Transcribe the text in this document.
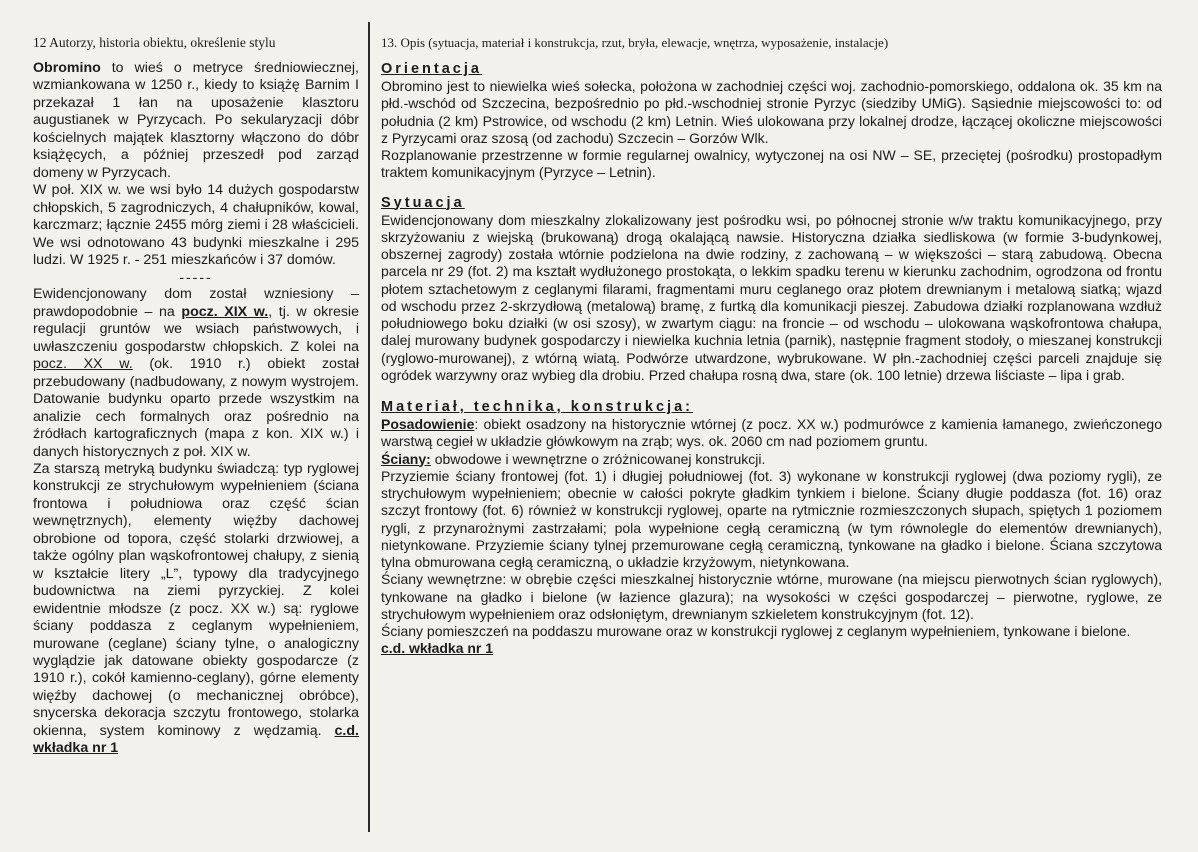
12 Autorzy, historia obiektu, określenie stylu

Obromino to wieś o metryce średniowiecznej, wzmiankowana w 1250 r., kiedy to książę Barnim I przekazał 1 łan na uposażenie klasztoru augustianek w Pyrzycach. Po sekularyzacji dóbr kościelnych majątek klasztorny włączono do dóbr książęcych, a później przeszedł pod zarząd domeny w Pyrzycach.

W poł. XIX w. we wsi było 14 dużych gospodarstw chłopskich, 5 zagrodniczych, 4 chałupników, kowal, karczmarz; łącznie 2455 mórg ziemi i 28 właścicieli. We wsi odnotowano 43 budynki mieszkalne i 295 ludzi. W 1925 r. - 251 mieszkańców i 37 domów.

-----

Ewidencjonowany dom został wzniesiony – prawdopodobnie – na pocz. XIX w., tj. w okresie regulacji gruntów we wsiach państwowych, i uwłaszczeniu gospodarstw chłopskich. Z kolei na pocz. XX w. (ok. 1910 r.) obiekt został przebudowany (nadbudowany, z nowym wystrojem. Datowanie budynku oparto przede wszystkim na analizie cech formalnych oraz pośrednio na źródłach kartograficznych (mapa z kon. XIX w.) i danych historycznych z poł. XIX w.

Za starszą metryką budynku świadczą: typ ryglowej konstrukcji ze strychułowym wypełnieniem (ściana frontowa i południowa oraz część ścian wewnętrznych), elementy więźby dachowej obrobione od topora, część stolarki drzwiowej, a także ogólny plan wąskofrontowej chałupy, z sienią w kształcie litery „L”, typowy dla tradycyjnego budownictwa na ziemi pyrzyckiej. Z kolei ewidentnie młodsze (z pocz. XX w.) są: ryglowe ściany poddasza z ceglanym wypełnieniem, murowane (ceglane) ściany tylne, o analogiczny wyglądzie jak datowane obiekty gospodarcze (z 1910 r.), cokół kamienno-ceglany), górne elementy więźby dachowej (o mechanicznej obróbce), snycerska dekoracja szczytu frontowego, stolarka okienna, system kominowy z wędzamią. c.d. wkładka nr 1

13. Opis (sytuacja, materiał i konstrukcja, rzut, bryła, elewacje, wnętrza, wyposażenie, instalacje)

Orientacja

Obromino jest to niewielka wieś sołecka, położona w zachodniej części woj. zachodnio-pomorskiego, oddalona ok. 35 km na płd.-wschód od Szczecina, bezpośrednio po płd.-wschodniej stronie Pyrzyc (siedziby UMiG). Sąsiednie miejscowości to: od południa (2 km) Pstrowice, od wschodu (2 km) Letnin. Wieś ulokowana przy lokalnej drodze, łączącej okoliczne miejscowości z Pyrzycami oraz szosą (od zachodu) Szczecin – Gorzów Wlk.

Rozplanowanie przestrzenne w formie regularnej owalnicy, wytyczonej na osi NW – SE, przeciętej (pośrodku) prostopadłym traktem komunikacyjnym (Pyrzyce – Letnin).

Sytuacja

Ewidencjonowany dom mieszkalny zlokalizowany jest pośrodku wsi, po północnej stronie w/w traktu komunikacyjnego, przy skrzyżowaniu z wiejską (brukowaną) drogą okalającą nawsie. Historyczna działka siedliskowa (w formie 3-budynkowej, obszernej zagrody) została wtórnie podzielona na dwie rodziny, z zachowaną – w większości – starą zabudową. Obecna parcela nr 29 (fot. 2) ma kształt wydłużonego prostokąta, o lekkim spadku terenu w kierunku zachodnim, ogrodzona od frontu płotem sztachetowym z ceglanymi filarami, fragmentami muru ceglanego oraz płotem drewnianym i metalową siatką; wjazd od wschodu przez 2-skrzydłową (metalową) bramę, z furtką dla komunikacji pieszej. Zabudowa działki rozplanowana wzdłuż południowego boku działki (w osi szosy), w zwartym ciągu: na froncie – od wschodu – ulokowana wąskofrontowa chałupa, dalej murowany budynek gospodarczy i niewielka kuchnia letnia (parnik), następnie fragment stodoły, o mieszanej konstrukcji (ryglowo-murowanej), z wtórną wiatą. Podwórze utwardzone, wybrukowane. W płn.-zachodniej części parceli znajduje się ogródek warzywny oraz wybieg dla drobiu. Przed chałupa rosną dwa, stare (ok. 100 letnie) drzewa liściaste – lipa i grab.

Materiał, technika, konstrukcja:

Posadowienie: obiekt osadzony na historycznie wtórnej (z pocz. XX w.) podmurówce z kamienia łamanego, zwieńczonego warstwą cegieł w układzie główkowym na zrąb; wys. ok. 2060 cm nad poziomem gruntu.

Ściany: obwodowe i wewnętrzne o zróżnicowanej konstrukcji.

Przyziemie ściany frontowej (fot. 1) i długiej południowej (fot. 3) wykonane w konstrukcji ryglowej (dwa poziomy rygli), ze strychułowym wypełnieniem; obecnie w całości pokryte gładkim tynkiem i bielone. Ściany długie poddasza (fot. 16) oraz szczyt frontowy (fot. 6) również w konstrukcji ryglowej, oparte na rytmicznie rozmieszczonych słupach, spiętych 1 poziomem rygli, z przynarożnymi zastrzałami; pola wypełnione cegłą ceramiczną (w tym równolegle do elementów drewnianych), nietynkowane. Przyziemie ściany tylnej przemurowane cegłą ceramiczną, tynkowane na gładko i bielone. Ściana szczytowa tylna obmurowana cegłą ceramiczną, o układzie krzyżowym, nietynkowana.

Ściany wewnętrzne: w obrębie części mieszkalnej historycznie wtórne, murowane (na miejscu pierwotnych ścian ryglowych), tynkowane na gładko i bielone (w łazience glazura); na wysokości w części gospodarczej – pierwotne, ryglowe, ze strychułowym wypełnieniem oraz odsłoniętym, drewnianym szkieletem konstrukcyjnym (fot. 12).

Ściany pomieszczeń na poddaszu murowane oraz w konstrukcji ryglowej z ceglanym wypełnieniem, tynkowane i bielone.

c.d. wkładka nr 1
